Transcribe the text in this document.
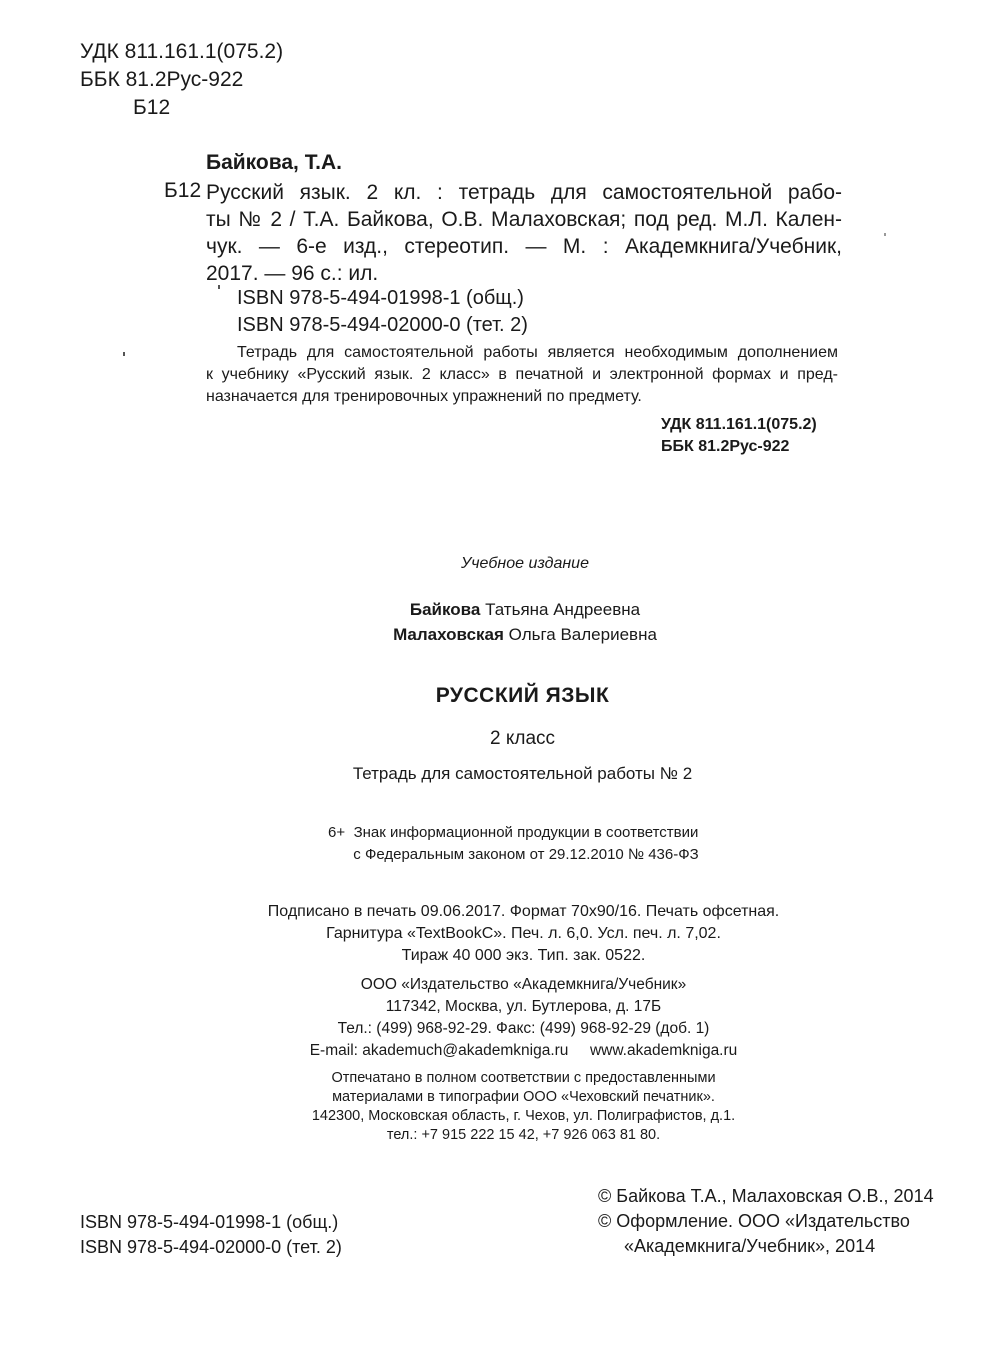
УДК 811.161.1(075.2)
ББК 81.2Рус-922
Б12
Байкова, Т.А.
Б12 Русский язык. 2 кл. : тетрадь для самостоятельной рабо-
ты № 2 / Т.А. Байкова, О.В. Малаховская; под ред. М.Л. Кален-
чук. — 6-е изд., стереотип. — М. : Академкнига/Учебник,
2017. — 96 с.: ил.
ISBN 978-5-494-01998-1 (общ.)
ISBN 978-5-494-02000-0 (тет. 2)
Тетрадь для самостоятельной работы является необходимым дополнением
к учебнику «Русский язык. 2 класс» в печатной и электронной формах и пред-
назначается для тренировочных упражнений по предмету.
УДК 811.161.1(075.2)
ББК 81.2Рус-922
Учебное издание
Байкова Татьяна Андреевна
Малаховская Ольга Валериевна
РУССКИЙ ЯЗЫК
2 класс
Тетрадь для самостоятельной работы № 2
6+ Знак информационной продукции в соответствии
с Федеральным законом от 29.12.2010 № 436-ФЗ
Подписано в печать 09.06.2017. Формат 70x90/16. Печать офсетная.
Гарнитура «TextBookC». Печ. л. 6,0. Усл. печ. л. 7,02.
Тираж 40 000 экз. Тип. зак. 0522.
ООО «Издательство «Академкнига/Учебник»
117342, Москва, ул. Бутлерова, д. 17Б
Тел.: (499) 968-92-29. Факс: (499) 968-92-29 (доб. 1)
E-mail: akademuch@akademkniga.ru www.akademkniga.ru
Отпечатано в полном соответствии с предоставленными
материалами в типографии ООО «Чеховский печатник».
142300, Московская область, г. Чехов, ул. Полиграфистов, д.1.
тел.: +7 915 222 15 42, +7 926 063 81 80.
ISBN 978-5-494-01998-1 (общ.)
ISBN 978-5-494-02000-0 (тет. 2)
© Байкова Т.А., Малаховская О.В., 2014
© Оформление. ООО «Издательство
«Академкнига/Учебник», 2014
